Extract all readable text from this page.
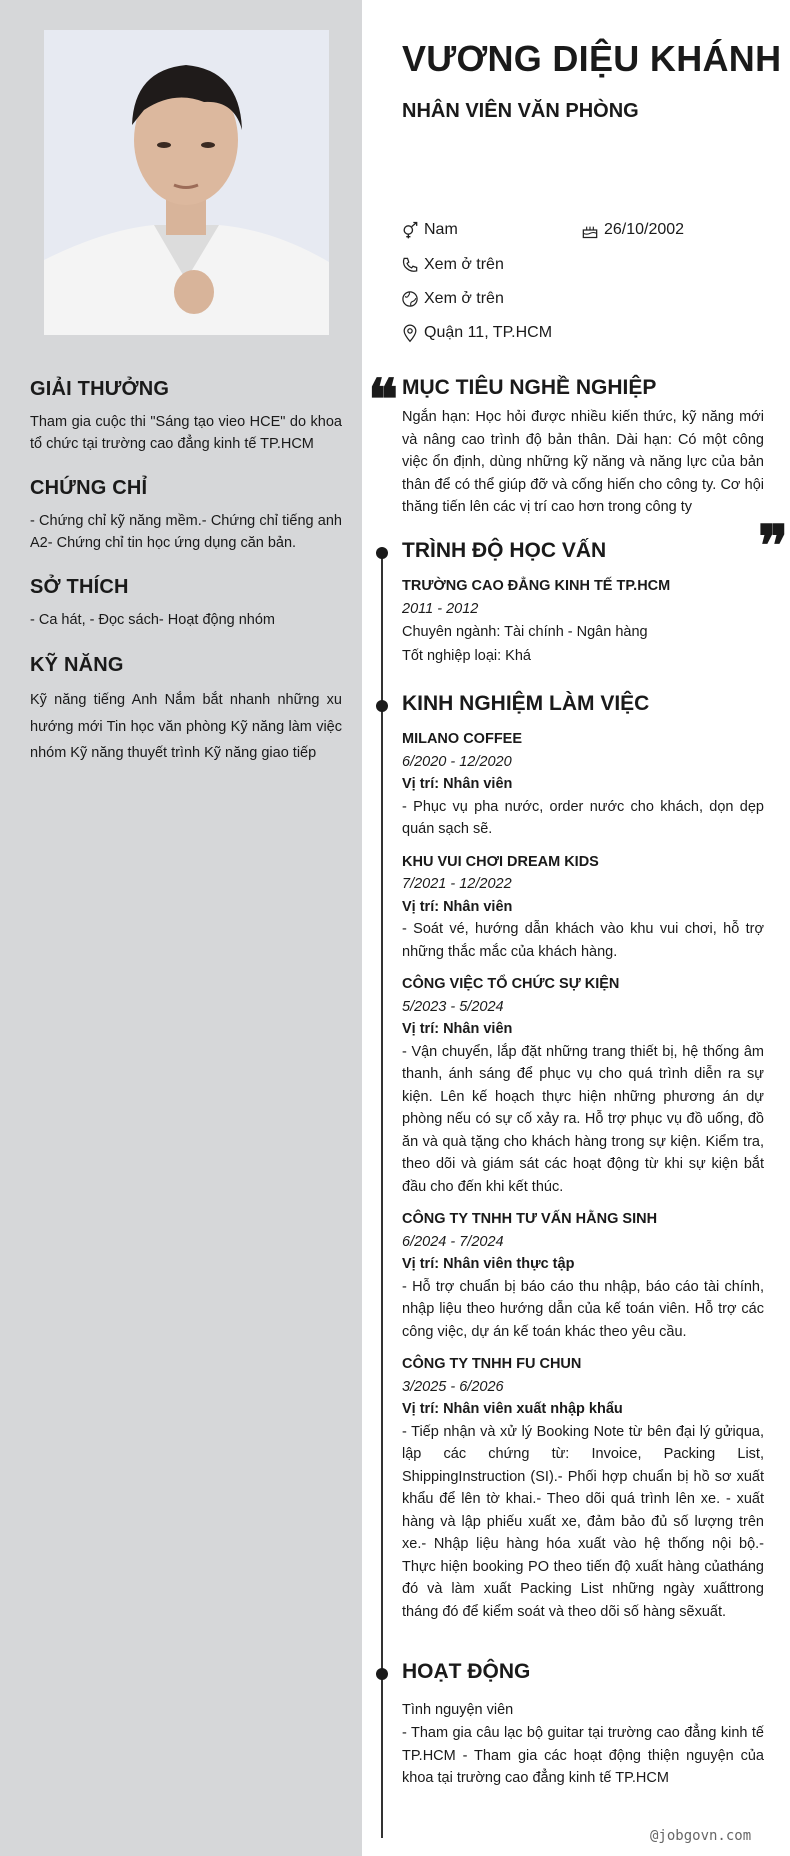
GIẢI THƯỞNG

Tham gia cuộc thi "Sáng tạo vieo HCE" do khoa tổ chức tại trường cao đẳng kinh tế TP.HCM

CHỨNG CHỈ

- Chứng chỉ kỹ năng mềm.- Chứng chỉ tiếng anh A2- Chứng chỉ tin học ứng dụng căn bản.

SỞ THÍCH

- Ca hát, - Đọc sách- Hoạt động nhóm

KỸ NĂNG

Kỹ năng tiếng Anh Nắm bắt nhanh những xu hướng mới Tin học văn phòng Kỹ năng làm việc nhóm Kỹ năng thuyết trình Kỹ năng giao tiếp

VƯƠNG DIỆU KHÁNH
NHÂN VIÊN VĂN PHÒNG
Nam	26/10/2002
Xem ở trên
Xem ở trên
Quận 11, TP.HCM
❝ MỤC TIÊU NGHỀ NGHIỆP

Ngắn hạn: Học hỏi được nhiều kiến thức, kỹ năng mới và nâng cao trình độ bản thân. Dài hạn: Có một công việc ổn định, dùng những kỹ năng và năng lực của bản thân để có thể giúp đỡ và cống hiến cho công ty. Cơ hội thăng tiến lên các vị trí cao hơn trong công ty

❞
TRÌNH ĐỘ HỌC VẤN

TRƯỜNG CAO ĐẲNG KINH TẾ TP.HCM

2011 - 2012

Chuyên ngành: Tài chính - Ngân hàng

Tốt nghiệp loại: Khá

KINH NGHIỆM LÀM VIỆC

MILANO COFFEE

6/2020 - 12/2020

Vị trí: Nhân viên

- Phục vụ pha nước, order nước cho khách, dọn dẹp quán sạch sẽ.

KHU VUI CHƠI DREAM KIDS

7/2021 - 12/2022

Vị trí: Nhân viên

- Soát vé, hướng dẫn khách vào khu vui chơi, hỗ trợ những thắc mắc của khách hàng.

CÔNG VIỆC TỔ CHỨC SỰ KIỆN

5/2023 - 5/2024

Vị trí: Nhân viên

- Vận chuyển, lắp đặt những trang thiết bị, hệ thống âm thanh, ánh sáng để phục vụ cho quá trình diễn ra sự kiện. Lên kế hoạch thực hiện những phương án dự phòng nếu có sự cố xảy ra. Hỗ trợ phục vụ đồ uống, đồ ăn và quà tặng cho khách hàng trong sự kiện. Kiểm tra, theo dõi và giám sát các hoạt động từ khi sự kiện bắt đầu cho đến khi kết thúc.

CÔNG TY TNHH TƯ VẤN HẰNG SINH

6/2024 - 7/2024

Vị trí: Nhân viên thực tập

- Hỗ trợ chuẩn bị báo cáo thu nhập, báo cáo tài chính, nhập liệu theo hướng dẫn của kế toán viên. Hỗ trợ các công việc, dự án kế toán khác theo yêu cầu.

CÔNG TY TNHH FU CHUN

3/2025 - 6/2026

Vị trí: Nhân viên xuất nhập khẩu

- Tiếp nhận và xử lý Booking Note từ bên đại lý gửiqua, lập các chứng từ: Invoice, Packing List, ShippingInstruction (SI).- Phối hợp chuẩn bị hồ sơ xuất khẩu để lên tờ khai.- Theo dõi quá trình lên xe. - xuất hàng và lập phiếu xuất xe, đảm bảo đủ số lượng trên xe.- Nhập liệu hàng hóa xuất vào hệ thống nội bộ.- Thực hiện booking PO theo tiến độ xuất hàng củatháng đó và làm xuất Packing List những ngày xuấttrong tháng đó để kiểm soát và theo dõi số hàng sẽxuất.

HOẠT ĐỘNG

Tình nguyện viên

- Tham gia câu lạc bộ guitar tại trường cao đẳng kinh tế TP.HCM - Tham gia các hoạt động thiện nguyện của khoa tại trường cao đẳng kinh tế TP.HCM

@jobgovn.com
